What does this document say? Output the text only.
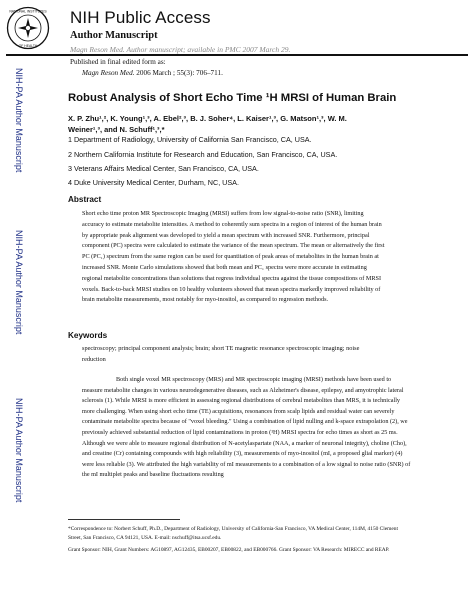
NATIONAL INSTITUTES
OF HEALTH
NIH Public Access
Author Manuscript
Magn Reson Med. Author manuscript; available in PMC 2007 March 29.
Published in final edited form as:
Magn Reson Med. 2006 March ; 55(3): 706–711.
NIH-PA Author Manuscript
NIH-PA Author Manuscript
NIH-PA Author Manuscript
Robust Analysis of Short Echo Time ¹H MRSI of Human Brain
X. P. Zhu¹,², K. Young¹,³, A. Ebel²,³, B. J. Soher⁴, L. Kaiser¹,³, G. Matson¹,³, W. M. Weiner¹,³, and N. Schuff¹,³,*
1 Department of Radiology, University of California San Francisco, CA, USA.
2 Northern California Institute for Research and Education, San Francisco, CA, USA.
3 Veterans Affairs Medical Center, San Francisco, CA, USA.
4 Duke University Medical Center, Durham, NC, USA.
Abstract
Short echo time proton MR Spectroscopic Imaging (MRSI) suffers from low signal-to-noise ratio (SNR), limiting accuracy to estimate metabolite intensities. A method to coherently sum spectra in a region of interest of the human brain by appropriate peak alignment was developed to yield a mean spectrum with increased SNR. Furthermore, principal component (PC) spectra were calculated to estimate the variance of the mean spectrum. The mean or alternatively the first PC (PC₁) spectrum from the same region can be used for quantitation of peak areas of metabolites in the human brain at increased SNR. Monte Carlo simulations showed that both mean and PC₁ spectra were more accurate in estimating regional metabolite concentrations than solutions that regress individual spectra against the tissue compositions of MRSI voxels. Back-to-back MRSI studies on 10 healthy volunteers showed that mean spectra markedly improved reliability of brain metabolite measurements, most notably for myo-inositol, as compared to regression methods.
Keywords
spectroscopy; principal component analysis; brain; short TE magnetic resonance spectroscopic imaging; noise reduction
Both single voxel MR spectroscopy (MRS) and MR spectroscopic imaging (MRSI) methods have been used to measure metabolite changes in various neurodegenerative diseases, such as Alzheimer's disease, epilepsy, and amyotrophic lateral sclerosis (1). While MRSI is more efficient in assessing regional distributions of cerebral metabolites than MRS, it is technically more challenging. When using short echo time (TE) acquisitions, resonances from scalp lipids and residual water can severely contaminate metabolite spectra because of "voxel bleeding." Using a combination of lipid nulling and k-space extrapolation (2), we previously achieved substantial reduction of lipid contaminations in proton (¹H) MRSI spectra for echo times as short as 25 ms. Although we were able to measure regional distribution of N-acetylaspartate (NAA, a marker of neuronal integrity), choline (Cho), and creatine (Cr) containing compounds with high reliability (3), measurements of myo-inositol (mI, a proposed glial marker) (4) were less reliable (3). We attributed the high variability of mI measurements to a combination of a low signal to noise ratio (SNR) of the mI multiplet peaks and baseline fluctuations resulting
*Correspondence to: Norbert Schuff, Ph.D., Department of Radiology, University of California-San Francisco, VA Medical Center, 114M, 4150 Clement Street, San Francisco, CA 94121, USA. E-mail: nschuff@itsa.ucsf.edu.
Grant Sponsor: NIH, Grant Numbers: AG10897, AG12435, EB00207, EB00822, and EB000766. Grant Sponsor: VA Research: MIRECC and REAP.
